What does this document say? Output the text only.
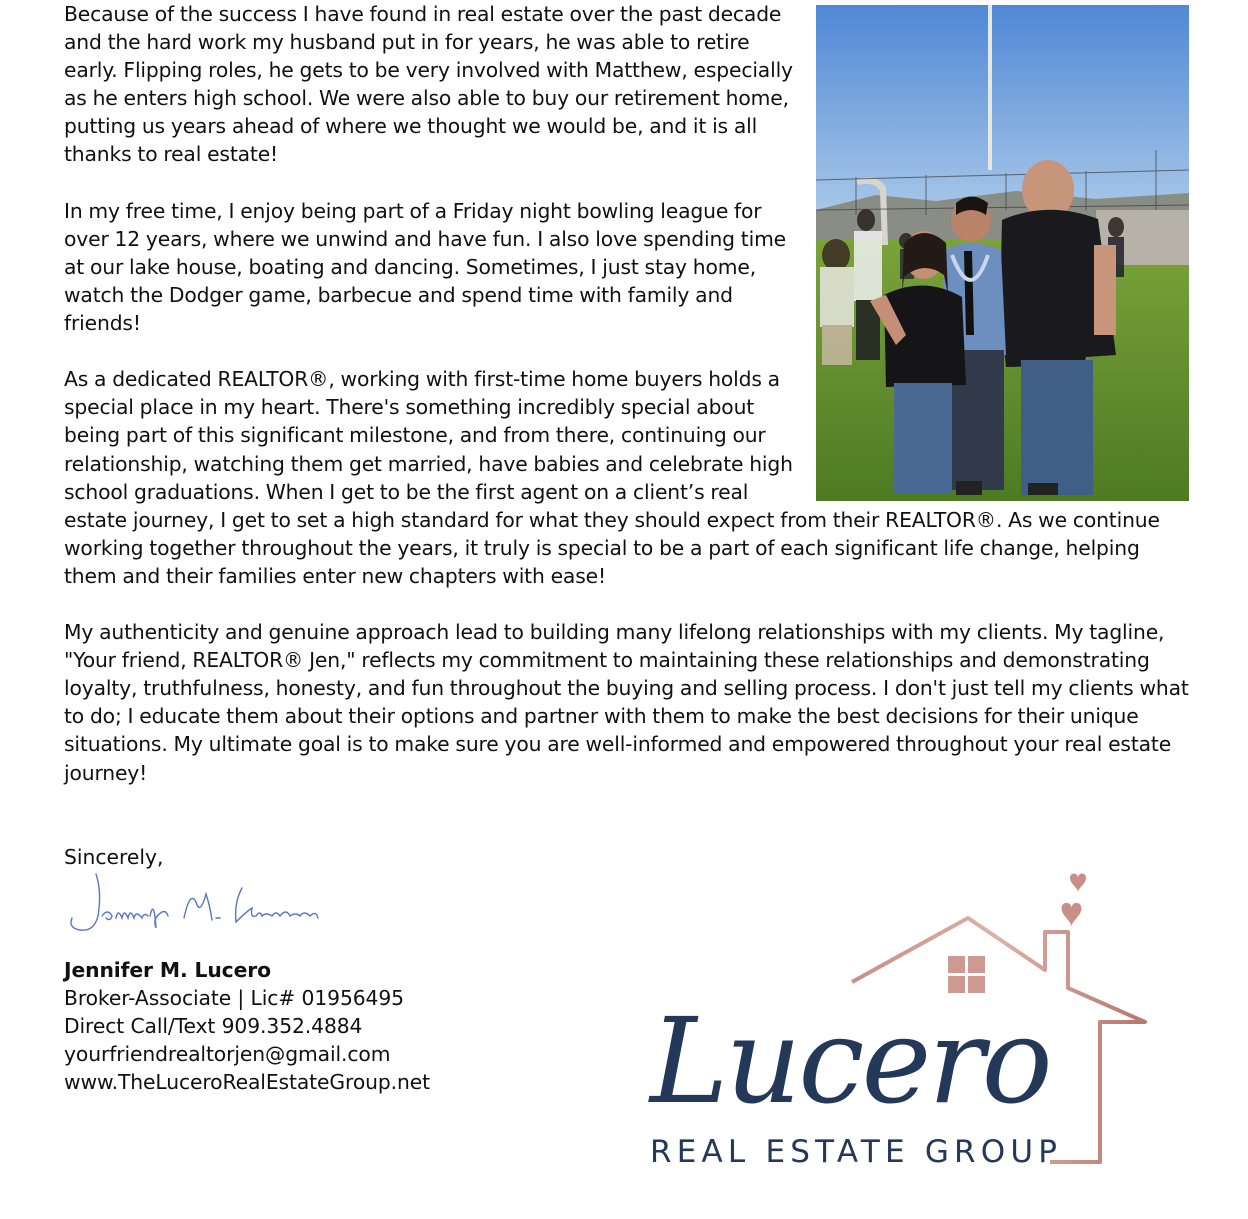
Because of the success I have found in real estate over the past decade and the hard work my husband put in for years, he was able to retire early. Flipping roles, he gets to be very involved with Matthew, especially as he enters high school. We were also able to buy our retirement home, putting us years ahead of where we thought we would be, and it is all thanks to real estate!

In my free time, I enjoy being part of a Friday night bowling league for over 12 years, where we unwind and have fun. I also love spending time at our lake house, boating and dancing. Sometimes, I just stay home, watch the Dodger game, barbecue and spend time with family and friends!

As a dedicated REALTOR®, working with first-time home buyers holds a special place in my heart. There's something incredibly special about being part of this significant milestone, and from there, continuing our relationship, watching them get married, have babies and celebrate high school graduations. When I get to be the first agent on a client’s real estate journey, I get to set a high standard for what they should expect from their REALTOR®. As we continue working together throughout the years, it truly is special to be a part of each significant life change, helping them and their families enter new chapters with ease!

My authenticity and genuine approach lead to building many lifelong relationships with my clients. My tagline, "Your friend, REALTOR® Jen," reflects my commitment to maintaining these relationships and demonstrating loyalty, truthfulness, honesty, and fun throughout the buying and selling process. I don't just tell my clients what to do; I educate them about their options and partner with them to make the best decisions for their unique situations. My ultimate goal is to make sure you are well-informed and empowered throughout your real estate journey!

Sincerely,
Jennifer M. Lucero
Broker-Associate | Lic# 01956495
Direct Call/Text 909.352.4884
yourfriendrealtorjen@gmail.com
www.TheLuceroRealEstateGroup.net Lucero
REAL ESTATE GROUP
